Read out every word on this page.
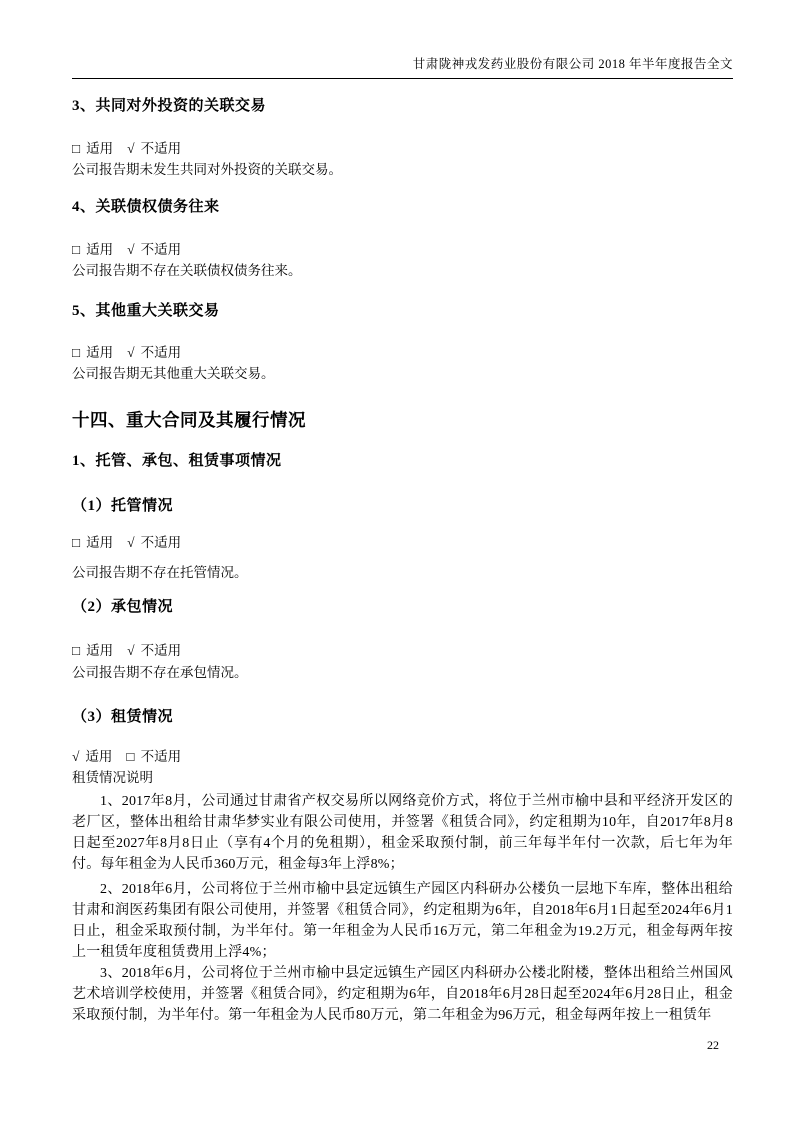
甘肃陇神戎发药业股份有限公司 2018 年半年度报告全文
3、共同对外投资的关联交易
□ 适用 √ 不适用
公司报告期未发生共同对外投资的关联交易。
4、关联债权债务往来
□ 适用 √ 不适用
公司报告期不存在关联债权债务往来。
5、其他重大关联交易
□ 适用 √ 不适用
公司报告期无其他重大关联交易。
十四、重大合同及其履行情况
1、托管、承包、租赁事项情况
（1）托管情况
□ 适用 √ 不适用
公司报告期不存在托管情况。
（2）承包情况
□ 适用 √ 不适用
公司报告期不存在承包情况。
（3）租赁情况
√ 适用 □ 不适用
租赁情况说明
1、2017年8月，公司通过甘肃省产权交易所以网络竞价方式，将位于兰州市榆中县和平经济开发区的老厂区，整体出租给甘肃华梦实业有限公司使用，并签署《租赁合同》，约定租期为10年，自2017年8月8日起至2027年8月8日止（享有4个月的免租期），租金采取预付制，前三年每半年付一次款，后七年为年付。每年租金为人民币360万元，租金每3年上浮8%；
2、2018年6月，公司将位于兰州市榆中县定远镇生产园区内科研办公楼负一层地下车库，整体出租给甘肃和润医药集团有限公司使用，并签署《租赁合同》，约定租期为6年，自2018年6月1日起至2024年6月1日止，租金采取预付制，为半年付。第一年租金为人民币16万元，第二年租金为19.2万元，租金每两年按上一租赁年度租赁费用上浮4%；
3、2018年6月，公司将位于兰州市榆中县定远镇生产园区内科研办公楼北附楼，整体出租给兰州国风艺术培训学校使用，并签署《租赁合同》，约定租期为6年，自2018年6月28日起至2024年6月28日止，租金采取预付制，为半年付。第一年租金为人民币80万元，第二年租金为96万元，租金每两年按上一租赁年
22
